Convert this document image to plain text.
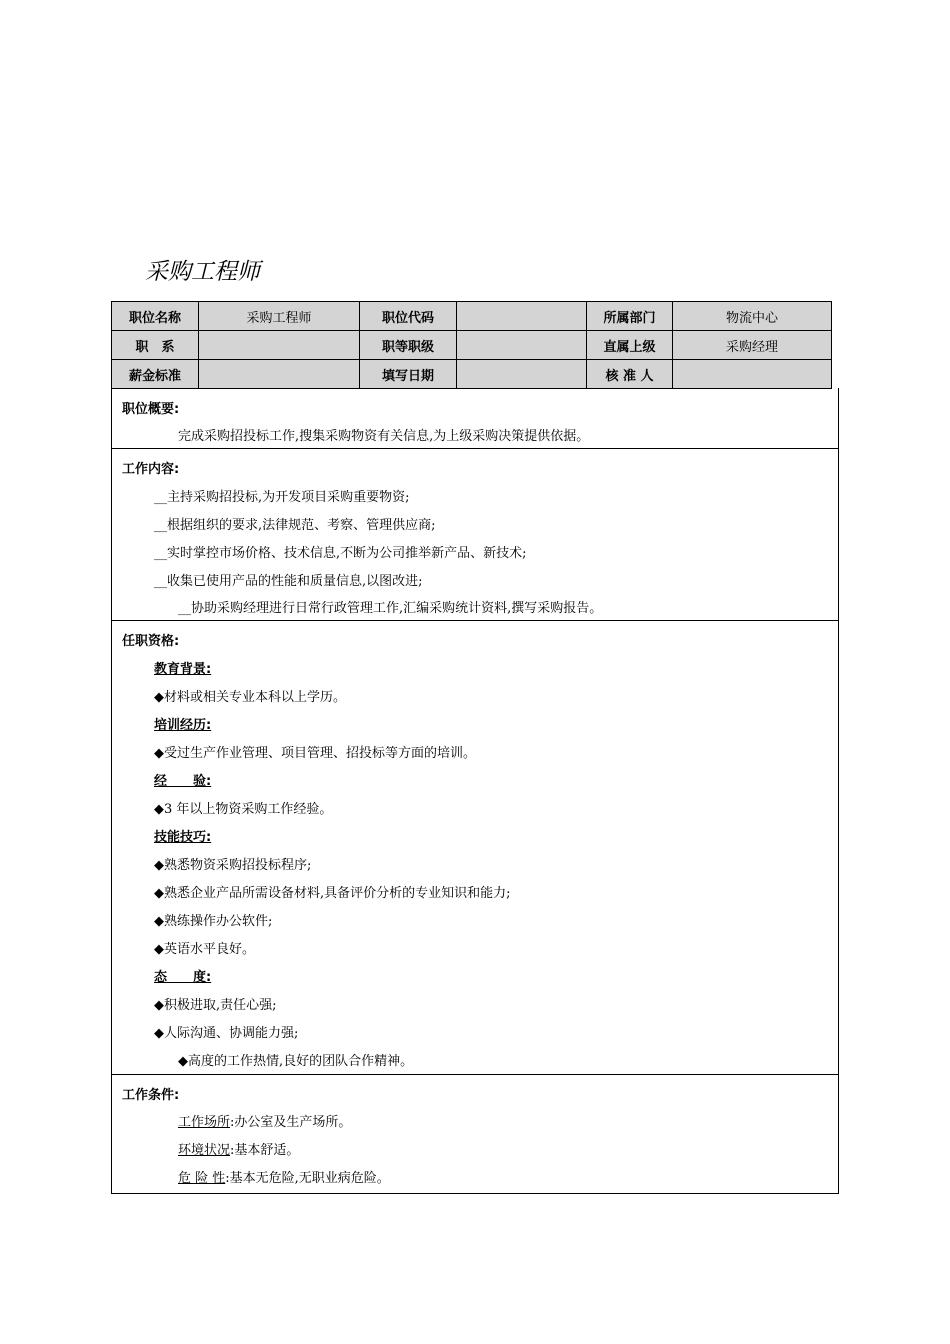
采购工程师
职位名称	采购工程师	职位代码		所属部门	物流中心
职　系		职等职级		直属上级	采购经理
薪金标准		填写日期		核 准 人	
职位概要:
完成采购招投标工作,搜集采购物资有关信息,为上级采购决策提供依据。
工作内容:
__主持采购招投标,为开发项目采购重要物资;
__根据组织的要求,法律规范、考察、管理供应商;
__实时掌控市场价格、技术信息,不断为公司推举新产品、新技术;
__收集已使用产品的性能和质量信息,以图改进;
__协助采购经理进行日常行政管理工作,汇编采购统计资料,撰写采购报告。
任职资格:
教育背景:
◆材料或相关专业本科以上学历。
培训经历:
◆受过生产作业管理、项目管理、招投标等方面的培训。
经　　验:
◆3 年以上物资采购工作经验。
技能技巧:
◆熟悉物资采购招投标程序;
◆熟悉企业产品所需设备材料,具备评价分析的专业知识和能力;
◆熟练操作办公软件;
◆英语水平良好。
态　　度:
◆积极进取,责任心强;
◆人际沟通、协调能力强;
◆高度的工作热情,良好的团队合作精神。
工作条件:
工作场所:办公室及生产场所。
环境状况:基本舒适。
危 险 性:基本无危险,无职业病危险。
